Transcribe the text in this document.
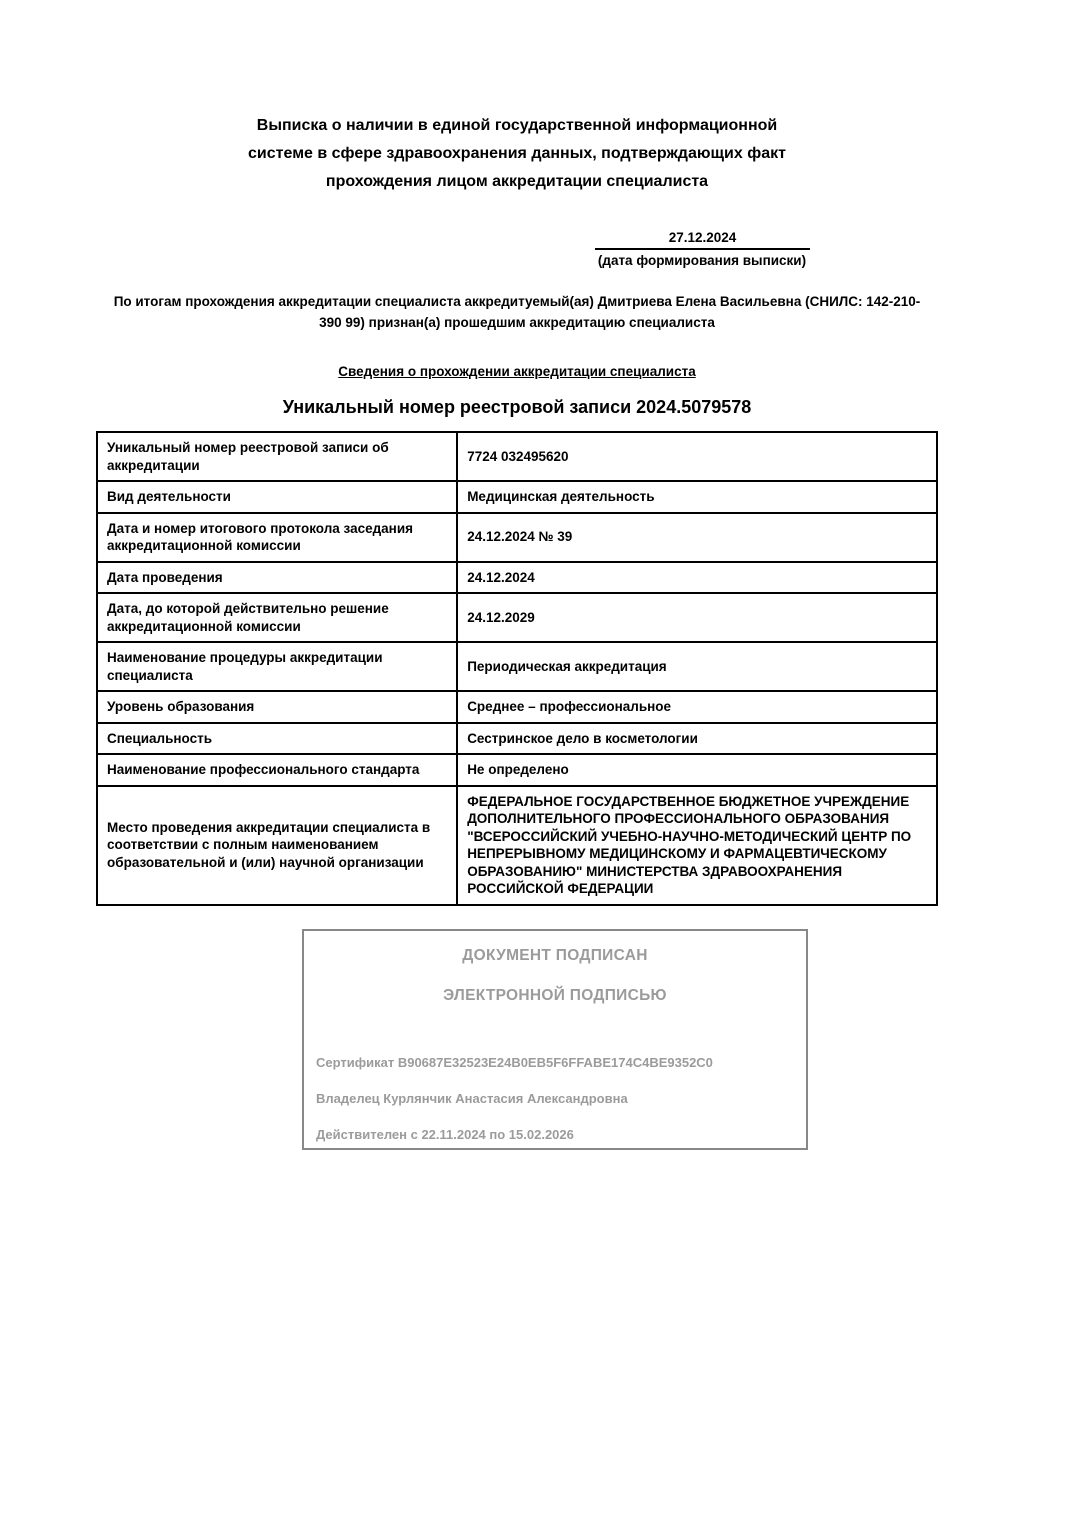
Выписка о наличии в единой государственной информационной
системе в сфере здравоохранения данных, подтверждающих факт
прохождения лицом аккредитации специалиста
27.12.2024
(дата формирования выписки)
По итогам прохождения аккредитации специалиста аккредитуемый(ая) Дмитриева Елена Васильевна (СНИЛС: 142-210-
390 99) признан(а) прошедшим аккредитацию специалиста
Сведения о прохождении аккредитации специалиста
Уникальный номер реестровой записи 2024.5079578
Уникальный номер реестровой записи об аккредитации	7724 032495620
Вид деятельности	Медицинская деятельность
Дата и номер итогового протокола заседания аккредитационной комиссии	24.12.2024 № 39
Дата проведения	24.12.2024
Дата, до которой действительно решение аккредитационной комиссии	24.12.2029
Наименование процедуры аккредитации специалиста	Периодическая аккредитация
Уровень образования	Среднее – профессиональное
Специальность	Сестринское дело в косметологии
Наименование профессионального стандарта	Не определено
Место проведения аккредитации специалиста в соответствии с полным наименованием образовательной и (или) научной организации	ФЕДЕРАЛЬНОЕ ГОСУДАРСТВЕННОЕ БЮДЖЕТНОЕ УЧРЕЖДЕНИЕ ДОПОЛНИТЕЛЬНОГО ПРОФЕССИОНАЛЬНОГО ОБРАЗОВАНИЯ "ВСЕРОССИЙСКИЙ УЧЕБНО-НАУЧНО-МЕТОДИЧЕСКИЙ ЦЕНТР ПО НЕПРЕРЫВНОМУ МЕДИЦИНСКОМУ И ФАРМАЦЕВТИЧЕСКОМУ ОБРАЗОВАНИЮ" МИНИСТЕРСТВА ЗДРАВООХРАНЕНИЯ РОССИЙСКОЙ ФЕДЕРАЦИИ
ДОКУМЕНТ ПОДПИСАН
ЭЛЕКТРОННОЙ ПОДПИСЬЮ
Сертификат B90687E32523E24B0EB5F6FFABE174C4BE9352C0
Владелец Курлянчик Анастасия Александровна
Действителен с 22.11.2024 по 15.02.2026
